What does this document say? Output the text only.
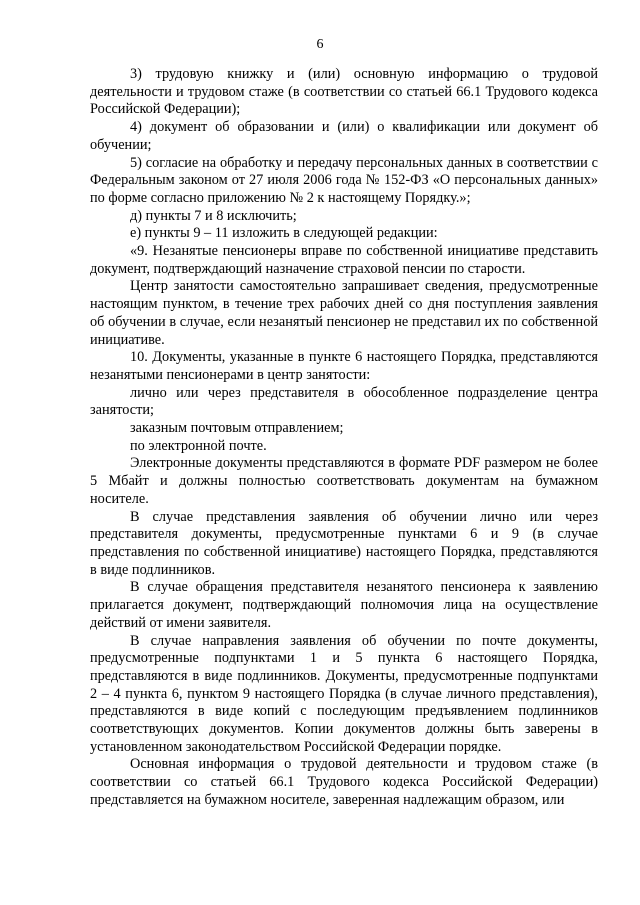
6

3) трудовую книжку и (или) основную информацию о трудовой деятельности и трудовом стаже (в соответствии со статьей 66.1 Трудового кодекса Российской Федерации);

4) документ об образовании и (или) о квалификации или документ об обучении;

5) согласие на обработку и передачу персональных данных в соответствии с Федеральным законом от 27 июля 2006 года № 152-ФЗ «О персональных данных» по форме согласно приложению № 2 к настоящему Порядку.»;

д) пункты 7 и 8 исключить;

е) пункты 9 – 11 изложить в следующей редакции:

«9. Незанятые пенсионеры вправе по собственной инициативе представить документ, подтверждающий назначение страховой пенсии по старости.

Центр занятости самостоятельно запрашивает сведения, предусмотренные настоящим пунктом, в течение трех рабочих дней со дня поступления заявления об обучении в случае, если незанятый пенсионер не представил их по собственной инициативе.

10. Документы, указанные в пункте 6 настоящего Порядка, представляются незанятыми пенсионерами в центр занятости:

лично или через представителя в обособленное подразделение центра занятости;

заказным почтовым отправлением;

по электронной почте.

Электронные документы представляются в формате PDF размером не более 5 Мбайт и должны полностью соответствовать документам на бумажном носителе.

В случае представления заявления об обучении лично или через представителя документы, предусмотренные пунктами 6 и 9 (в случае представления по собственной инициативе) настоящего Порядка, представляются в виде подлинников.

В случае обращения представителя незанятого пенсионера к заявлению прилагается документ, подтверждающий полномочия лица на осуществление действий от имени заявителя.

В случае направления заявления об обучении по почте документы, предусмотренные подпунктами 1 и 5 пункта 6 настоящего Порядка, представляются в виде подлинников. Документы, предусмотренные подпунктами 2 – 4 пункта 6, пунктом 9 настоящего Порядка (в случае личного представления), представляются в виде копий с последующим предъявлением подлинников соответствующих документов. Копии документов должны быть заверены в установленном законодательством Российской Федерации порядке.

Основная информация о трудовой деятельности и трудовом стаже (в соответствии со статьей 66.1 Трудового кодекса Российской Федерации) представляется на бумажном носителе, заверенная надлежащим образом, или
